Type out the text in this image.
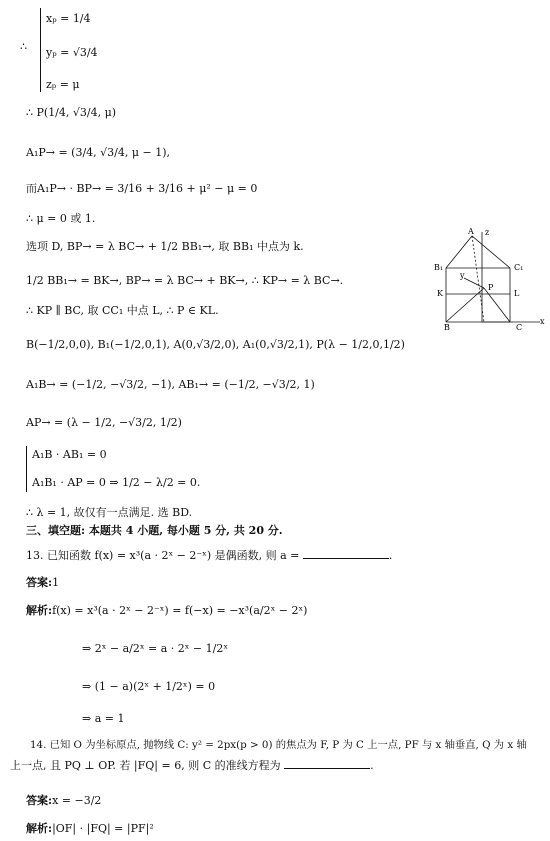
∴
xₚ = 1/4
yₚ = √3/4
zₚ = μ
∴ P(1/4, √3/4, μ)
A₁P→ = (3/4, √3/4, μ − 1),
而A₁P→ · BP→ = 3/16 + 3/16 + μ² − μ = 0
∴ μ = 0 或 1.
选项 D, BP→ = λ BC→ + 1/2 BB₁→, 取 BB₁ 中点为 k.
1/2 BB₁→ = BK→, BP→ = λ BC→ + BK→, ∴ KP→ = λ BC→.
∴ KP ∥ BC, 取 CC₁ 中点 L, ∴ P ∈ KL.
B(−1/2,0,0), B₁(−1/2,0,1), A(0,√3/2,0), A₁(0,√3/2,1), P(λ − 1/2,0,1/2)
A₁B→ = (−1/2, −√3/2, −1), AB₁→ = (−1/2, −√3/2, 1)
AP→ = (λ − 1/2, −√3/2, 1/2)
A₁B · AB₁ = 0
A₁B₁ · AP = 0 ⇒ 1/2 − λ/2 = 0.
∴ λ = 1, 故仅有一点满足. 选 BD.
三、填空题: 本题共 4 小题, 每小题 5 分, 共 20 分.
13. 已知函数 f(x) = x³(a · 2ˣ − 2⁻ˣ) 是偶函数, 则 a =	.
答案:1
解析:f(x) = x³(a · 2ˣ − 2⁻ˣ) = f(−x) = −x³(a/2ˣ − 2ˣ)
⇒ 2ˣ − a/2ˣ = a · 2ˣ − 1/2ˣ
⇒ (1 − a)(2ˣ + 1/2ˣ) = 0
⇒ a = 1
14. 已知 O 为坐标原点, 抛物线 C: y² = 2px(p > 0) 的焦点为 F, P 为 C 上一点, PF 与 x 轴垂直, Q 为 x 轴
上一点, 且 PQ ⊥ OP. 若 |FQ| = 6, 则 C 的准线方程为	.
答案:x = −3/2
解析:|OF| · |FQ| = |PF|²
A z
B₁	C₁
K	L
y
P
B	C
x
